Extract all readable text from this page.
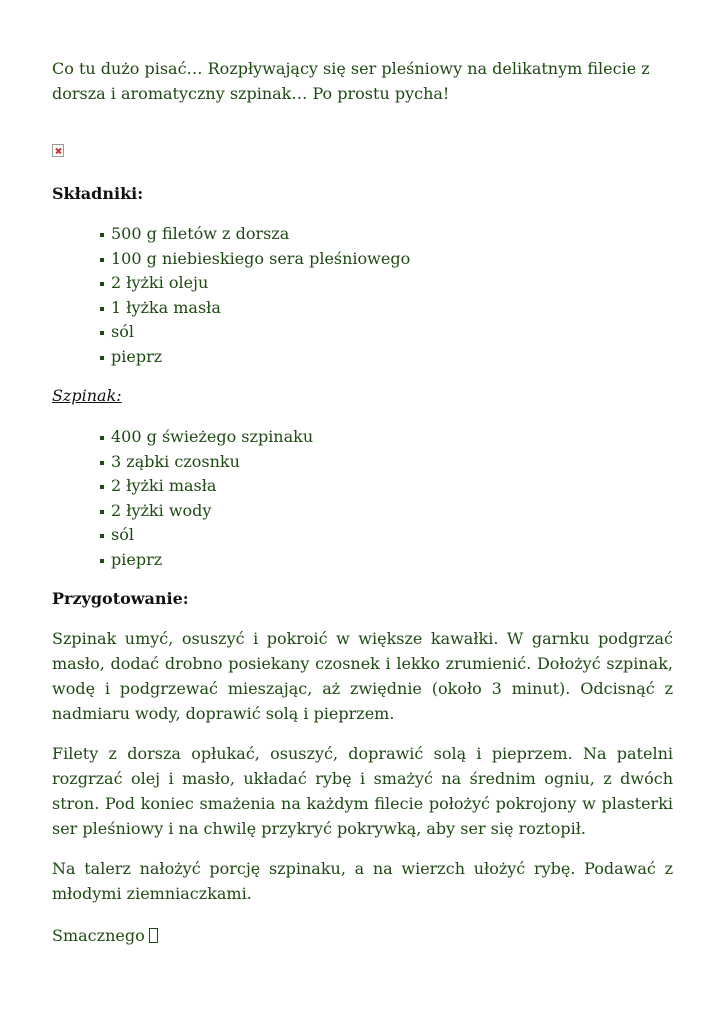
Co tu dużo pisać… Rozpływający się ser pleśniowy na delikatnym filecie z dorsza i aromatyczny szpinak… Po prostu pycha!

Składniki:

500 g filetów z dorsza
100 g niebieskiego sera pleśniowego
2 łyżki oleju
1 łyżka masła
sól
pieprz

Szpinak:

400 g świeżego szpinaku
3 ząbki czosnku
2 łyżki masła
2 łyżki wody
sól
pieprz

Przygotowanie:

Szpinak umyć, osuszyć i pokroić w większe kawałki. W garnku podgrzać masło, dodać drobno posiekany czosnek i lekko zrumienić. Dołożyć szpinak, wodę i podgrzewać mieszając, aż zwiędnie (około 3 minut). Odcisnąć z nadmiaru wody, doprawić solą i pieprzem.

Filety z dorsza opłukać, osuszyć, doprawić solą i pieprzem. Na patelni rozgrzać olej i masło, układać rybę i smażyć na średnim ogniu, z dwóch stron. Pod koniec smażenia na każdym filecie położyć pokrojony w plasterki ser pleśniowy i na chwilę przykryć pokrywką, aby ser się roztopił.

Na talerz nałożyć porcję szpinaku, a na wierzch ułożyć rybę. Podawać z młodymi ziemniaczkami.

Smacznego
